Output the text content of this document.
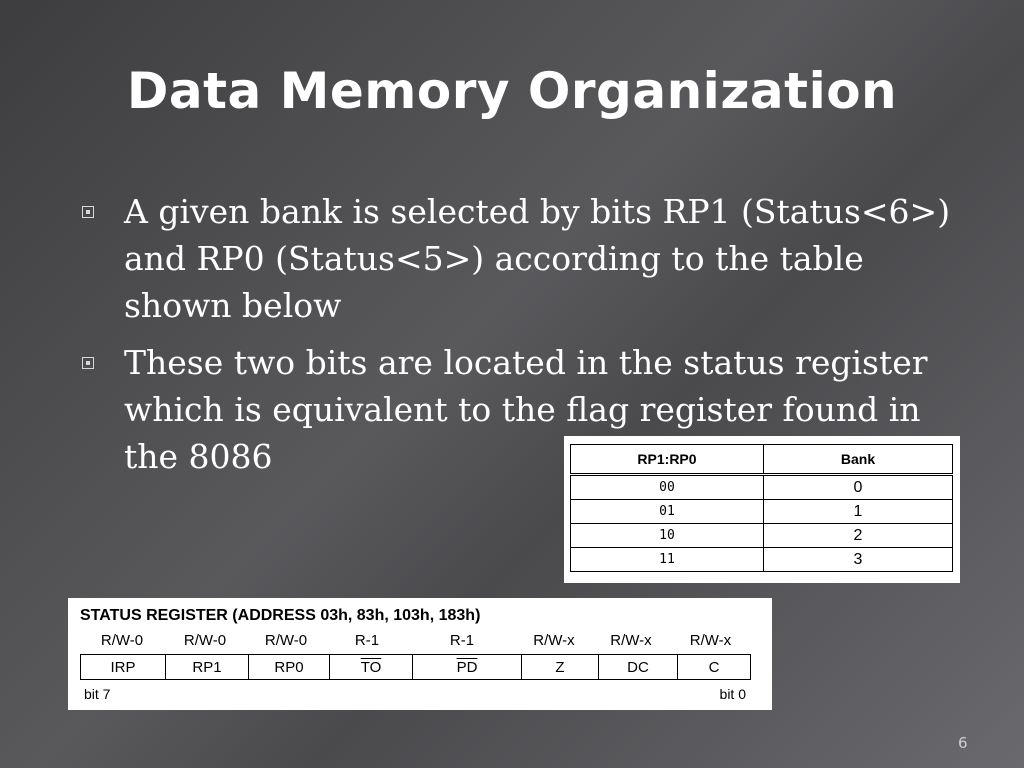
Data Memory Organization
A given bank is selected by bits RP1 (Status<6>) and RP0 (Status<5>) according to the table shown below
These two bits are located in the status register which is equivalent to the flag register found in the 8086	RP1:RP0	Bank
00	0
01	1
10	2
11	3
STATUS REGISTER (ADDRESS 03h, 83h, 103h, 183h)
R/W-0	R/W-0	R/W-0	R-1	R-1	R/W-x	R/W-x	R/W-x
IRP	RP1	RP0	$\overline{TO}$	$\overline{PD}$	Z	DC	C
bit 7	bit 0
6
